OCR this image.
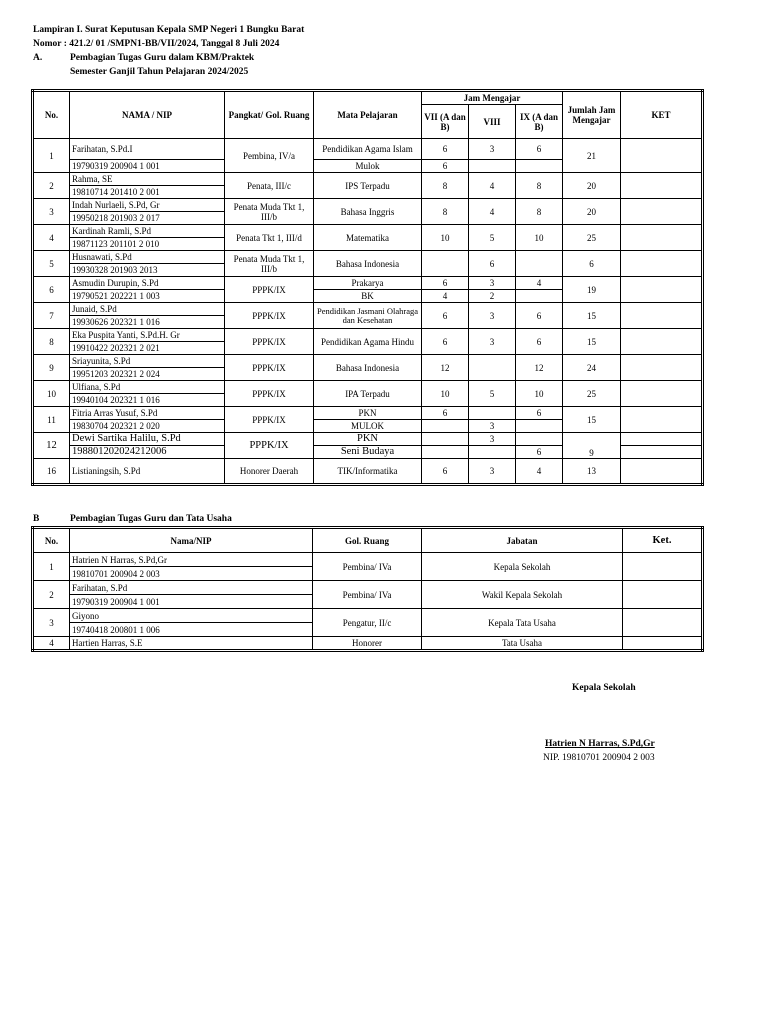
Lampiran I. Surat Keputusan Kepala SMP Negeri 1 Bungku Barat
Nomor : 421.2/ 01 /SMPN1-BB/VII/2024, Tanggal 8 Juli 2024
A.	Pembagian Tugas Guru dalam KBM/Praktek
Semester Ganjil Tahun Pelajaran 2024/2025
No.	NAMA / NIP	Pangkat/ Gol. Ruang	Mata Pelajaran	Jam Mengajar			Jumlah Jam Mengajar	KET
				VII (A dan B)	VIII	IX (A dan B)		
1	Farihatan, S.Pd.I	Pembina, IV/a	Pendidikan Agama Islam	6	3	6	21	
	19790319 200904 1 001		Mulok	6				
2	Rahma, SE	Penata, III/c	IPS Terpadu	8	4	8	20	
	19810714 201410 2 001							
3	Indah Nurlaeli, S.Pd, Gr	Penata Muda Tkt 1, III/b	Bahasa Inggris	8	4	8	20	
	19950218 201903 2 017							
4	Kardinah Ramli, S.Pd	Penata Tkt 1, III/d	Matematika	10	5	10	25	
	19871123 201101 2 010							
5	Husnawati, S.Pd	Penata Muda Tkt 1, III/b	Bahasa Indonesia		6		6	
	19930328 201903 2013							
6	Asmudin Durupin, S.Pd	PPPK/IX	Prakarya	6	3	4	19	
	19790521 202221 1 003		BK	4	2			
7	Junaid, S.Pd	PPPK/IX	Pendidikan Jasmani Olahraga dan Kesehatan	6	3	6	15	
	19930626 202321 1 016							
8	Eka Puspita Yanti, S.Pd.H. Gr	PPPK/IX	Pendidikan Agama Hindu	6	3	6	15	
	19910422 202321 2 021							
9	Sriayunita, S.Pd	PPPK/IX	Bahasa Indonesia	12		12	24	
	19951203 202321 2 024							
10	Ulfiana, S.Pd	PPPK/IX	IPA Terpadu	10	5	10	25	
	19940104 202321 1 016							
11	Fitria Arras Yusuf, S.Pd	PPPK/IX	PKN	6		6	15	
	19830704 202321 2 020		MULOK		3			
12	Dewi Sartika Halilu, S.Pd	PPPK/IX	PKN		3		9	
	198801202024212006		Seni Budaya			6		
16	Listianingsih, S.Pd	Honorer Daerah	TIK/Informatika	6	3	4	13	
B	Pembagian Tugas Guru dan Tata Usaha
No.	Nama/NIP	Gol. Ruang	Jabatan	Ket.
1	Hatrien N Harras, S.Pd,Gr	Pembina/ IVa	Kepala Sekolah	
	19810701 200904 2 003			
2	Farihatan, S.Pd	Pembina/ IVa	Wakil Kepala Sekolah	
	19790319 200904 1 001			
3	Giyono	Pengatur, II/c	Kepala Tata Usaha	
	19740418 200801 1 006			
4	Hartien Harras, S.E	Honorer	Tata Usaha	
Kepala Sekolah
Hatrien N Harras, S.Pd,Gr
NIP. 19810701 200904 2 003
